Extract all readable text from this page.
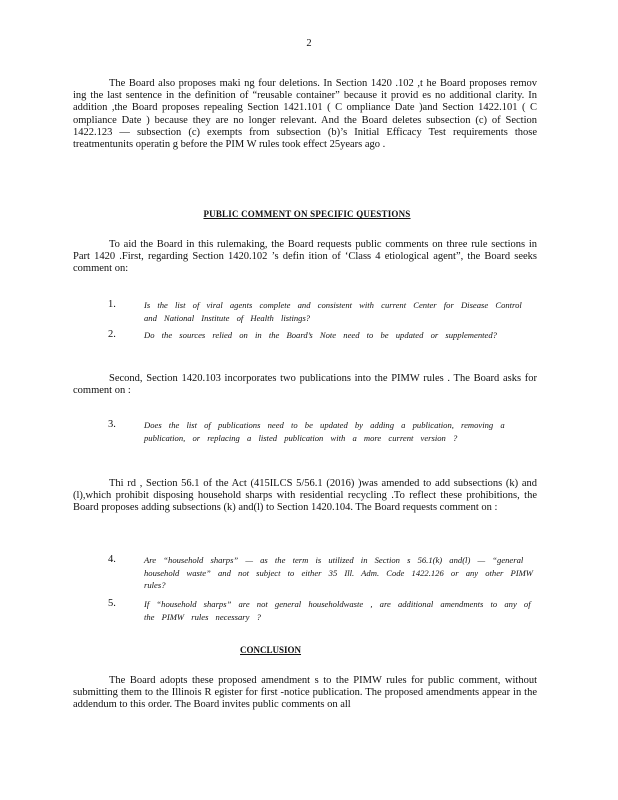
2

The Board also proposes maki ng four deletions. In Section 1420 .102 ,t he Board proposes remov ing the last sentence in the definition of “reusable container” because it provid es no additional clarity. In addition ,the Board proposes repealing Section 1421.101 ( C ompliance Date )and Section 1422.101 ( C ompliance Date ) because they are no longer relevant. And the Board deletes subsection (c) of Section 1422.123 — subsection (c) exempts from subsection (b)’s Initial Efficacy Test requirements those treatmentunits operatin g before the PIM W rules took effect 25years ago .

PUBLIC COMMENT ON SPECIFIC QUESTIONS

To aid the Board in this rulemaking, the Board requests public comments on three rule sections in Part 1420 .First, regarding Section 1420.102 ’s defin ition of ‘Class 4 etiological agent”, the Board seeks comment on:

1.	Is the list of viral agents complete and consistent with current Center for Disease Control and National Institute of Health listings?
2.	Do the sources relied on in the Board’s Note need to be updated or supplemented?

Second, Section 1420.103 incorporates two publications into the PIMW rules . The Board asks for comment on :

3.	Does the list of publications need to be updated by adding a publication, removing a publication, or replacing a listed publication with a more current version ?

Thi rd , Section 56.1 of the Act (415ILCS 5/56.1 (2016) )was amended to add subsections (k) and (l),which prohibit disposing household sharps with residential recycling .To reflect these prohibitions, the Board proposes adding subsections (k) and(l) to Section 1420.104. The Board requests comment on :

4.	Are “household sharps” — as the term is utilized in Section s 56.1(k) and(l) — “general household waste” and not subject to either 35 Ill. Adm. Code 1422.126 or any other PIMW rules?
5.	If “household sharps” are not general householdwaste , are additional amendments to any of the PIMW rules necessary ?
CONCLUSION

The Board adopts these proposed amendment s to the PIMW rules for public comment, without submitting them to the Illinois R egister for first -notice publication. The proposed amendments appear in the addendum to this order. The Board invites public comments on all
